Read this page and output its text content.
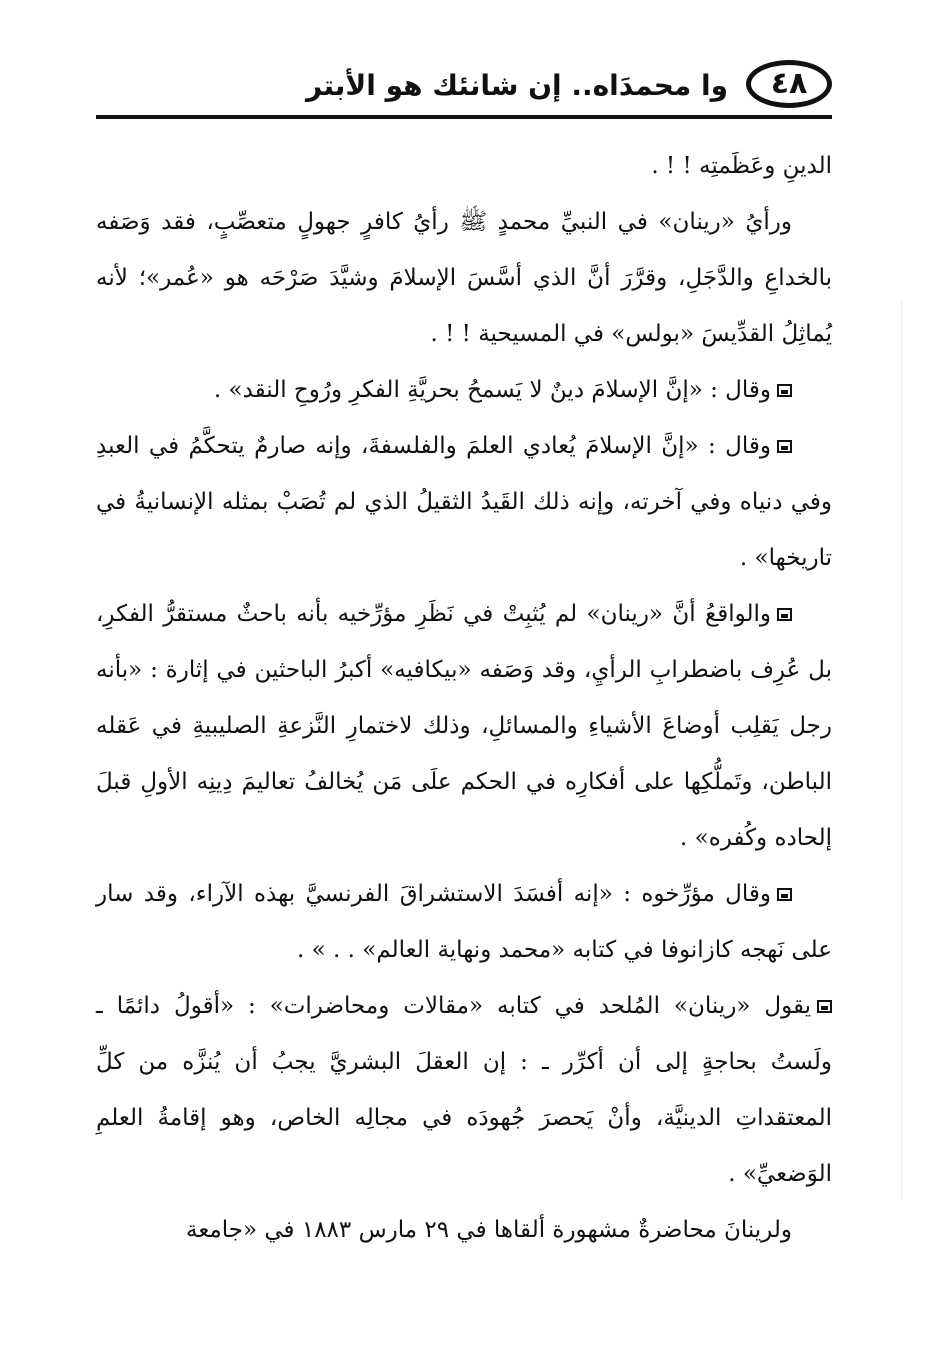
٤٨
وا محمدَاه.. إن شانئك هو الأبتر

الدينِ وعَظَمتِه ! ! .

ورأيُ «رينان» في النبيِّ محمدٍ ﷺ رأيُ كافرٍ جهولٍ متعصِّبٍ، فقد وَصَفه بالخداعِ والدَّجَلِ، وقرَّرَ أنَّ الذي أسَّسَ الإسلامَ وشيَّدَ صَرْحَه هو «عُمر»؛ لأنه يُماثِلُ القدِّيسَ «بولس» في المسيحية ! ! .

وقال : «إنَّ الإسلامَ دينٌ لا يَسمحُ بحريَّةِ الفكرِ ورُوحِ النقد» .

وقال : «إنَّ الإسلامَ يُعادي العلمَ والفلسفةَ، وإنه صارمٌ يتحكَّمُ في العبدِ وفي دنياه وفي آخرته، وإنه ذلك القَيدُ الثقيلُ الذي لم تُصَبْ بمثله الإنسانيةُ في تاريخها» .

والواقعُ أنَّ «رينان» لم يُثبِتْ في نَظَرِ مؤرِّخيه بأنه باحثٌ مستقرُّ الفكرِ، بل عُرِف باضطرابِ الرأيِ، وقد وَصَفه «بيكافيه» أكبرُ الباحثين في إثارة : «بأنه رجل يَقلِب أوضاعَ الأشياءِ والمسائلِ، وذلك لاختمارِ النَّزعةِ الصليبيةِ في عَقله الباطن، وتَملُّكِها على أفكارِه في الحكم علَى مَن يُخالفُ تعاليمَ دِينِه الأولِ قبلَ إلحاده وكُفره» .

وقال مؤرِّخوه : «إنه أفسَدَ الاستشراقَ الفرنسيَّ بهذه الآراء، وقد سار على نَهجه كازانوفا في كتابه «محمد ونهاية العالم» . . » .

يقول «رينان» المُلحد في كتابه «مقالات ومحاضرات» : «أقولُ دائمًا ـ ولَستُ بحاجةٍ إلى أن أكرِّر ـ : إن العقلَ البشريَّ يجبُ أن يُنزَّه من كلِّ المعتقداتِ الدينيَّة، وأنْ يَحصرَ جُهودَه في مجالِه الخاص، وهو إقامةُ العلمِ الوَضعيِّ» .

ولرينانَ محاضرةٌ مشهورة ألقاها في ٢٩ مارس ١٨٨٣ في «جامعة
